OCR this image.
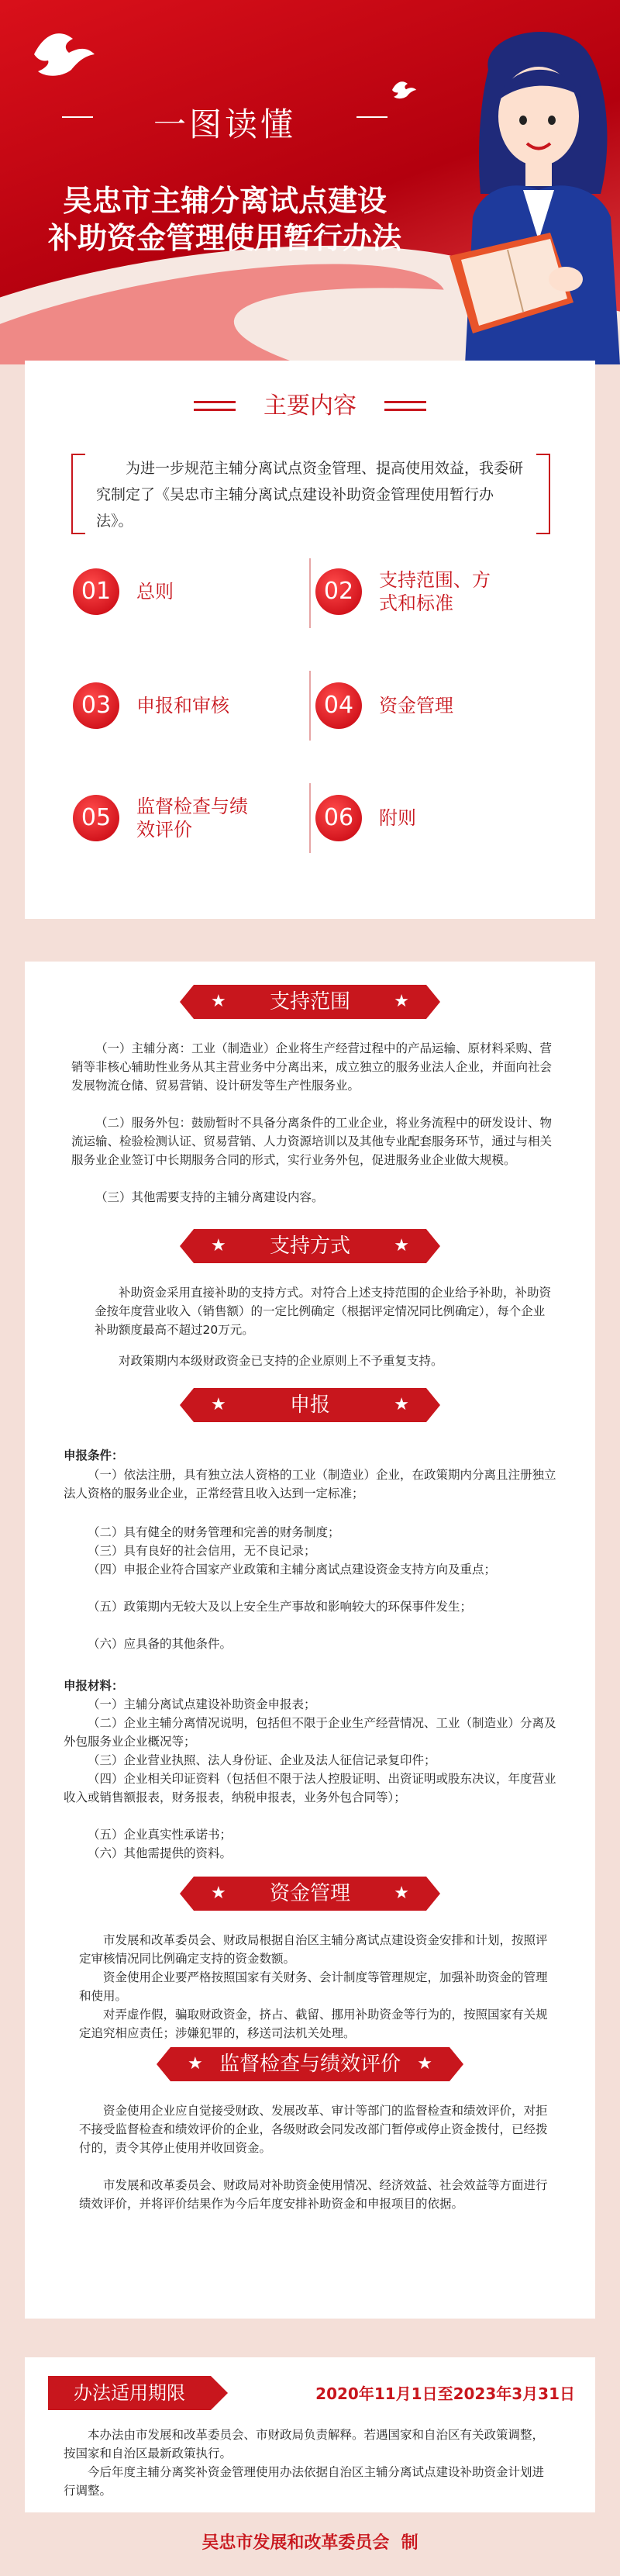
一图读懂
吴忠市主辅分离试点建设
补助资金管理使用暂行办法
主要内容
为进一步规范主辅分离试点资金管理、提高使用效益，我委研究制定了《吴忠市主辅分离试点建设补助资金管理使用暂行办法》。
01	总则	02	支持范围、方式和标准
03	申报和审核	04	资金管理
05	监督检查与绩效评价	06	附则
★ 支持范围	★
（一）主辅分离：工业（制造业）企业将生产经营过程中的产品运输、原材料采购、营销等非核心辅助性业务从其主营业务中分离出来，成立独立的服务业法人企业，并面向社会发展物流仓储、贸易营销、设计研发等生产性服务业。
（二）服务外包：鼓励暂时不具备分离条件的工业企业，将业务流程中的研发设计、物流运输、检验检测认证、贸易营销、人力资源培训以及其他专业配套服务环节，通过与相关服务业企业签订中长期服务合同的形式，实行业务外包，促进服务业企业做大规模。
（三）其他需要支持的主辅分离建设内容。
★ 支持方式	★
补助资金采用直接补助的支持方式。对符合上述支持范围的企业给予补助，补助资金按年度营业收入（销售额）的一定比例确定（根据评定情况同比例确定），每个企业补助额度最高不超过20万元。
对政策期内本级财政资金已支持的企业原则上不予重复支持。
★	申报	★
申报条件：
（一）依法注册，具有独立法人资格的工业（制造业）企业，在政策期内分离且注册独立法人资格的服务业企业，正常经营且收入达到一定标准；
（二）具有健全的财务管理和完善的财务制度；
（三）具有良好的社会信用，无不良记录；
（四）申报企业符合国家产业政策和主辅分离试点建设资金支持方向及重点；
（五）政策期内无较大及以上安全生产事故和影响较大的环保事件发生；
（六）应具备的其他条件。
申报材料：
（一）主辅分离试点建设补助资金申报表；
（二）企业主辅分离情况说明，包括但不限于企业生产经营情况、工业（制造业）分离及外包服务业企业概况等；
（三）企业营业执照、法人身份证、企业及法人征信记录复印件；
（四）企业相关印证资料（包括但不限于法人控股证明、出资证明或股东决议，年度营业收入或销售额报表，财务报表，纳税申报表，业务外包合同等）；
（五）企业真实性承诺书；
（六）其他需提供的资料。
★ 资金管理	★
市发展和改革委员会、财政局根据自治区主辅分离试点建设资金安排和计划，按照评定审核情况同比例确定支持的资金数额。
资金使用企业要严格按照国家有关财务、会计制度等管理规定，加强补助资金的管理和使用。
对弄虚作假，骗取财政资金，挤占、截留、挪用补助资金等行为的，按照国家有关规定追究相应责任；涉嫌犯罪的，移送司法机关处理。
★ 监督检查与绩效评价 ★
资金使用企业应自觉接受财政、发展改革、审计等部门的监督检查和绩效评价，对拒不接受监督检查和绩效评价的企业，各级财政会同发改部门暂停或停止资金拨付，已经拨付的，责令其停止使用并收回资金。
市发展和改革委员会、财政局对补助资金使用情况、经济效益、社会效益等方面进行绩效评价，并将评价结果作为今后年度安排补助资金和申报项目的依据。
办法适用期限	2020年11月1日至2023年3月31日
本办法由市发展和改革委员会、市财政局负责解释。若遇国家和自治区有关政策调整，按国家和自治区最新政策执行。
今后年度主辅分离奖补资金管理使用办法依据自治区主辅分离试点建设补助资金计划进行调整。
吴忠市发展和改革委员会  制
